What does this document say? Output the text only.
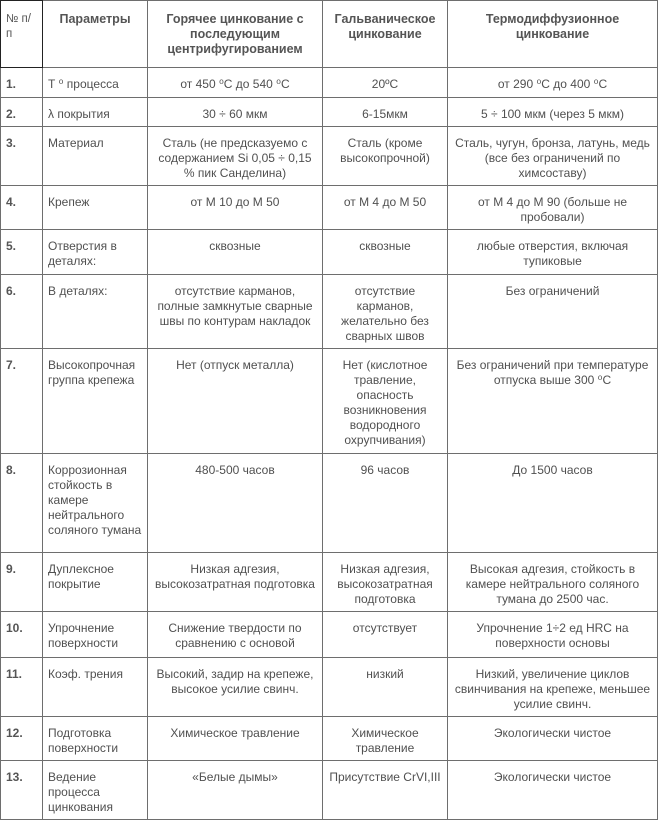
№ п/п	Параметры	Горячее цинкование с последующим центрифугированием	Гальваническое цинкование	Термодиффузионное цинкование
1.	Т ⁰ процесса	от 450 ⁰С до 540 ⁰С	20ºС	от 290 ⁰С до 400 ⁰С
2.	λ покрытия	30 ÷ 60 мкм	6-15мкм	5 ÷ 100 мкм (через 5 мкм)
3.	Материал	Сталь (не предсказуемо с содержанием Si 0,05 ÷ 0,15 % пик Санделина)	Сталь (кроме высокопрочной)	Сталь, чугун, бронза, латунь, медь (все без ограничений по химсоставу)
4.	Крепеж	от М 10 до М 50	от М 4 до М 50	от М 4 до М 90 (больше не пробовали)
5.	Отверстия в деталях:	сквозные	сквозные	любые отверстия, включая тупиковые
6.	В деталях:	отсутствие карманов, полные замкнутые сварные швы по контурам накладок	отсутствие карманов, желательно без сварных швов	Без ограничений
7.	Высокопрочная группа крепежа	Нет (отпуск металла)	Нет (кислотное травление, опасность возникновения водородного охрупчивания)	Без ограничений при температуре отпуска выше 300 ⁰С
8.	Коррозионная стойкость в камере нейтрального соляного тумана	480-500 часов	96 часов	До 1500 часов
9.	Дуплексное покрытие	Низкая адгезия, высокозатратная подготовка	Низкая адгезия, высокозатратная подготовка	Высокая адгезия, стойкость в камере нейтрального соляного тумана до 2500 час.
10.	Упрочнение поверхности	Снижение твердости по сравнению с основой	отсутствует	Упрочнение 1÷2 ед HRC на поверхности основы
11.	Коэф. трения	Высокий, задир на крепеже, высокое усилие свинч.	низкий	Низкий, увеличение циклов свинчивания на крепеже, меньшее усилие свинч.
12.	Подготовка поверхности	Химическое травление	Химическое травление	Экологически чистое
13.	Ведение процесса цинкования	«Белые дымы»	Присутствие CrVI,III	Экологически чистое
